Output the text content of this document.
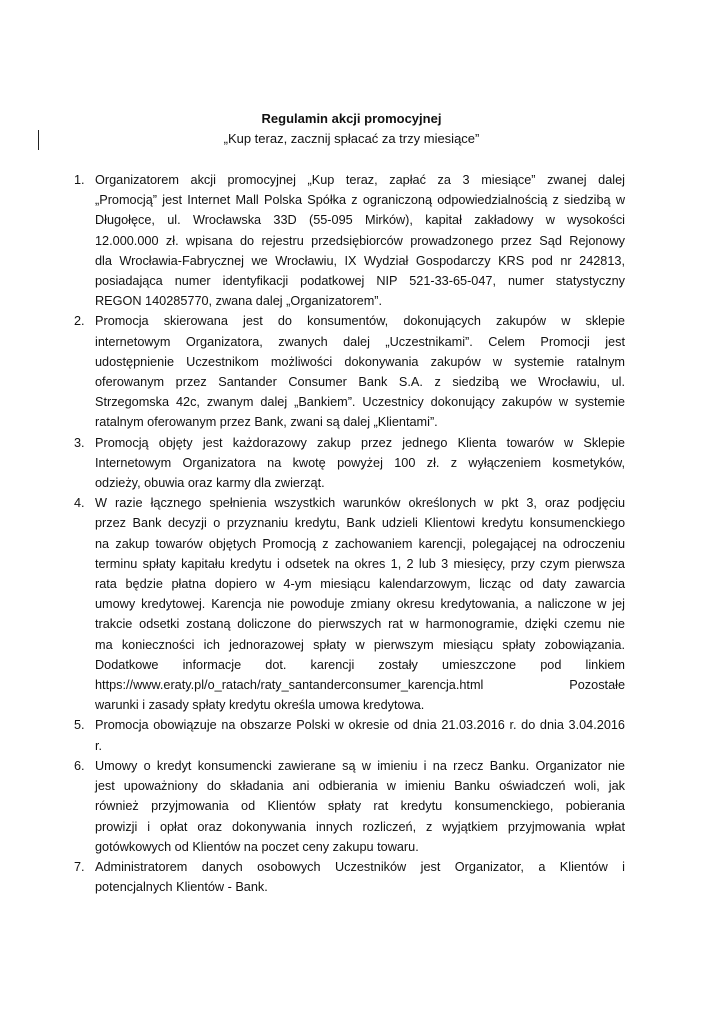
Regulamin akcji promocyjnej
„Kup teraz, zacznij spłacać za trzy miesiące”
1. Organizatorem akcji promocyjnej „Kup teraz, zapłać za 3 miesiące” zwanej dalej
„Promocją” jest Internet Mall Polska Spółka z ograniczoną odpowiedzialnością z siedzibą w
Długołęce, ul. Wrocławska 33D (55-095 Mirków), kapitał zakładowy w wysokości
12.000.000 zł. wpisana do rejestru przedsiębiorców prowadzonego przez Sąd Rejonowy
dla Wrocławia-Fabrycznej we Wrocławiu, IX Wydział Gospodarczy KRS pod nr 242813,
posiadająca numer identyfikacji podatkowej NIP 521-33-65-047, numer statystyczny
REGON 140285770, zwana dalej „Organizatorem”.
2. Promocja skierowana jest do konsumentów, dokonujących zakupów w sklepie
internetowym Organizatora, zwanych dalej „Uczestnikami”. Celem Promocji jest
udostępnienie Uczestnikom możliwości dokonywania zakupów w systemie ratalnym
oferowanym przez Santander Consumer Bank S.A. z siedzibą we Wrocławiu, ul.
Strzegomska 42c, zwanym dalej „Bankiem”. Uczestnicy dokonujący zakupów w systemie
ratalnym oferowanym przez Bank, zwani są dalej „Klientami”.
3. Promocją objęty jest każdorazowy zakup przez jednego Klienta towarów w Sklepie
Internetowym Organizatora na kwotę powyżej 100 zł. z wyłączeniem kosmetyków,
odzieży, obuwia oraz karmy dla zwierząt.
4. W razie łącznego spełnienia wszystkich warunków określonych w pkt 3, oraz podjęciu
przez Bank decyzji o przyznaniu kredytu, Bank udzieli Klientowi kredytu konsumenckiego
na zakup towarów objętych Promocją z zachowaniem karencji, polegającej na odroczeniu
terminu spłaty kapitału kredytu i odsetek na okres 1, 2 lub 3 miesięcy, przy czym pierwsza
rata będzie płatna dopiero w 4-ym miesiącu kalendarzowym, licząc od daty zawarcia
umowy kredytowej. Karencja nie powoduje zmiany okresu kredytowania, a naliczone w jej
trakcie odsetki zostaną doliczone do pierwszych rat w harmonogramie, dzięki czemu nie
ma konieczności ich jednorazowej spłaty w pierwszym miesiącu spłaty zobowiązania.
Dodatkowe informacje dot. karencji zostały umieszczone pod linkiem
https://www.eraty.pl/o_ratach/raty_santanderconsumer_karencja.html	Pozostałe
warunki i zasady spłaty kredytu określa umowa kredytowa.
5. Promocja obowiązuje na obszarze Polski w okresie od dnia 21.03.2016 r. do dnia 3.04.2016
r.
6. Umowy o kredyt konsumencki zawierane są w imieniu i na rzecz Banku. Organizator nie
jest upoważniony do składania ani odbierania w imieniu Banku oświadczeń woli, jak
również przyjmowania od Klientów spłaty rat kredytu konsumenckiego, pobierania
prowizji i opłat oraz dokonywania innych rozliczeń, z wyjątkiem przyjmowania wpłat
gotówkowych od Klientów na poczet ceny zakupu towaru.
7. Administratorem danych osobowych Uczestników jest Organizator, a Klientów i
potencjalnych Klientów - Bank.
